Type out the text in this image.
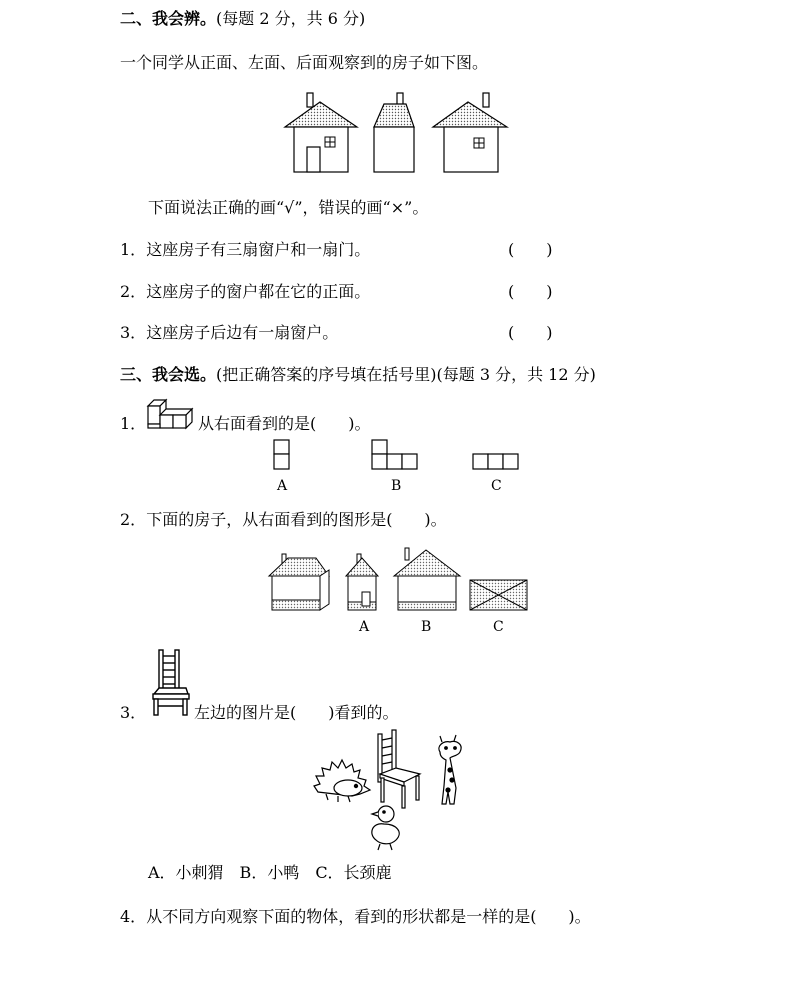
二、我会辨。(每题 2 分，共 6 分)
一个同学从正面、左面、后面观察到的房子如下图。
下面说法正确的画“√”，错误的画“×”。
1．这座房子有三扇窗户和一扇门。	(　　)
2．这座房子的窗户都在它的正面。	(　　)
3．这座房子后边有一扇窗户。	(　　)
三、我会选。(把正确答案的序号填在括号里)(每题 3 分，共 12 分)
1．	从右面看到的是(　　)。
A	B	C
2．下面的房子，从右面看到的图形是(　　)。
A	B	C
3．	左边的图片是(　　)看到的。
A．小刺猬　B．小鸭　C．长颈鹿
4．从不同方向观察下面的物体，看到的形状都是一样的是(　　)。
